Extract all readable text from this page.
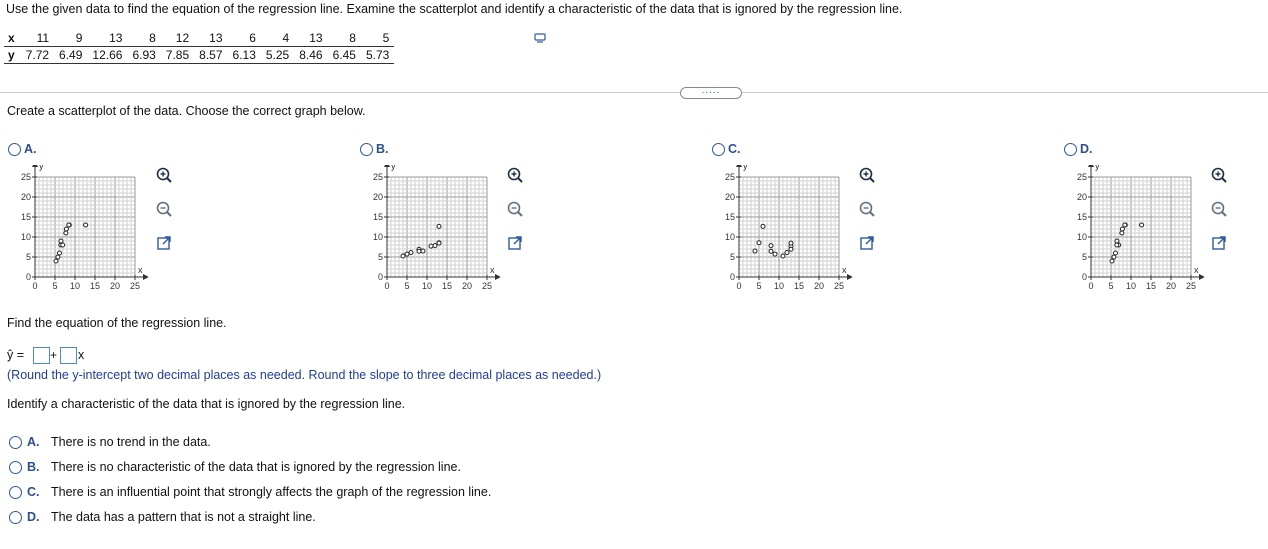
Use the given data to find the equation of the regression line. Examine the scatterplot and identify a characteristic of the data that is ignored by the regression line.
x	11	9	13	8	12	13	6	4	13	8	5
y	7.72	6.49	12.66	6.93	7.85	8.57	6.13	5.25	8.46	6.45	5.73
.....
Create a scatterplot of the data. Choose the correct graph below.
A.
y
x
0
5
10
15
20
25
0 5 10 15 20 25
B.
y
x
0
5
10
15
20
25
0 5 10 15 20 25
C.
y
x
0
5
10
15
20
25
0 5 10 15 20 25
D.
y
x
0
5
10
15
20
25
0 5 10 15 20 25
Find the equation of the regression line.
ŷ = + x
(Round the y-intercept two decimal places as needed. Round the slope to three decimal places as needed.)
Identify a characteristic of the data that is ignored by the regression line.
A. There is no trend in the data.
B. There is no characteristic of the data that is ignored by the regression line.
C. There is an influential point that strongly affects the graph of the regression line.
D. The data has a pattern that is not a straight line.
